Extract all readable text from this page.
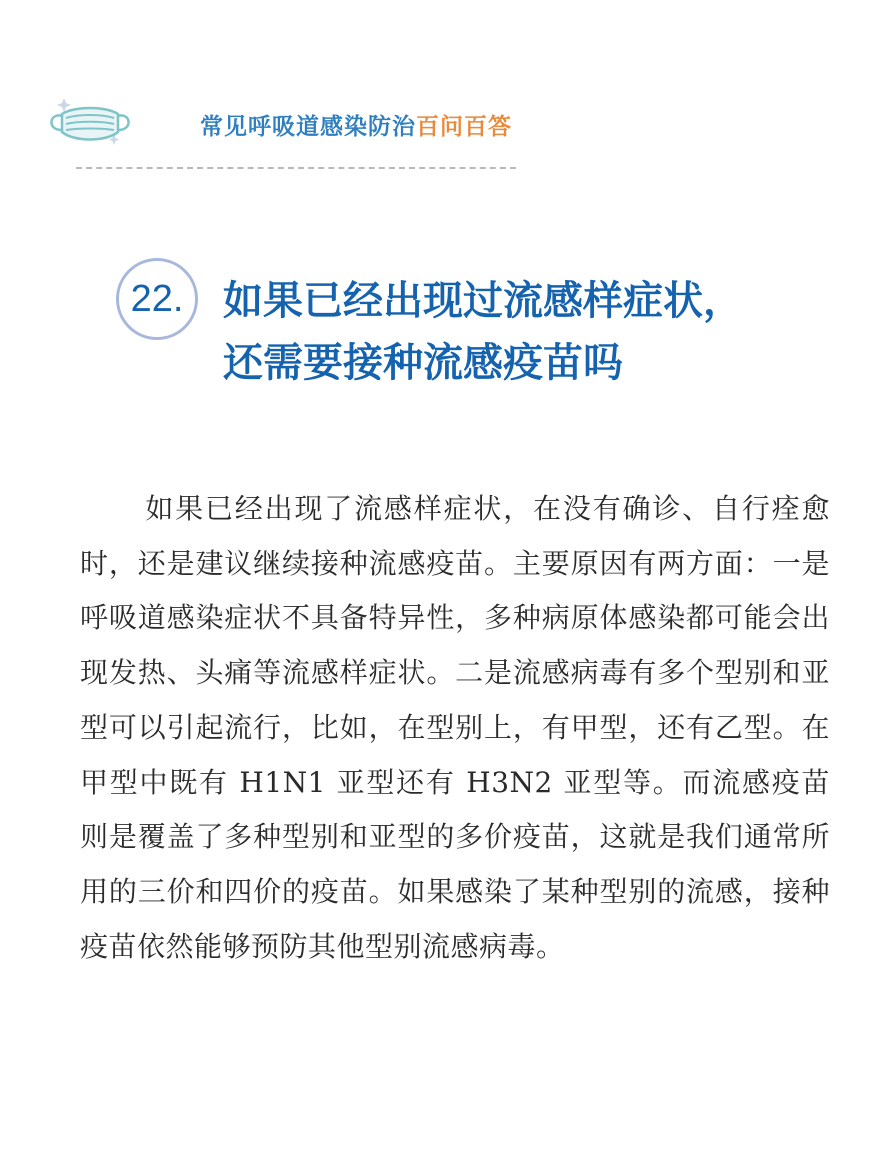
常见呼吸道感染防治百问百答
22. 如果已经出现过流感样症状，
还需要接种流感疫苗吗
如果已经出现了流感样症状，在没有确诊、自行痊愈时，还是建议继续接种流感疫苗。主要原因有两方面：一是呼吸道感染症状不具备特异性，多种病原体感染都可能会出现发热、头痛等流感样症状。二是流感病毒有多个型别和亚型可以引起流行，比如，在型别上，有甲型，还有乙型。在甲型中既有 H1N1 亚型还有 H3N2 亚型等。而流感疫苗则是覆盖了多种型别和亚型的多价疫苗，这就是我们通常所用的三价和四价的疫苗。如果感染了某种型别的流感，接种疫苗依然能够预防其他型别流感病毒。
